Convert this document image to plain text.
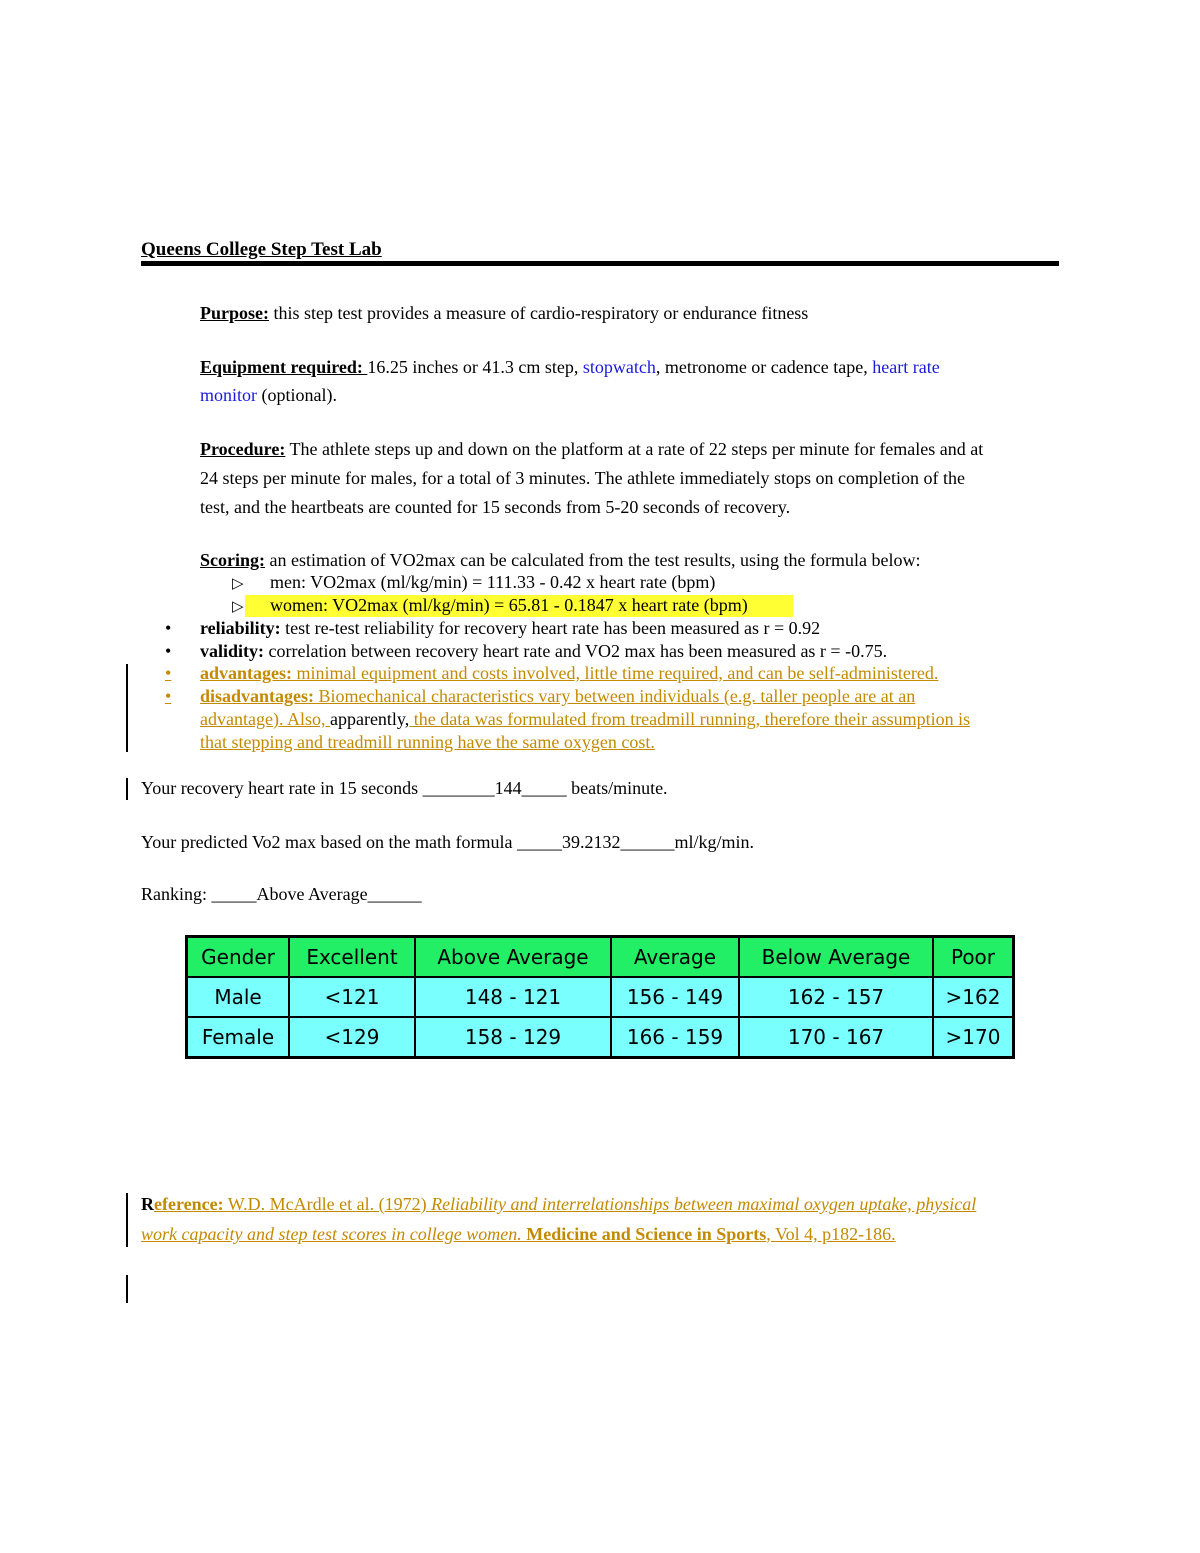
Queens College Step Test Lab
Purpose: this step test provides a measure of cardio-respiratory or endurance fitness
Equipment required: 16.25 inches or 41.3 cm step, stopwatch, metronome or cadence tape, heart rate
monitor (optional).
Procedure: The athlete steps up and down on the platform at a rate of 22 steps per minute for females and at
24 steps per minute for males, for a total of 3 minutes. The athlete immediately stops on completion of the
test, and the heartbeats are counted for 15 seconds from 5-20 seconds of recovery.
Scoring: an estimation of VO2max can be calculated from the test results, using the formula below:
▷ men: VO2max (ml/kg/min) = 111.33 - 0.42 x heart rate (bpm)
▷ women: VO2max (ml/kg/min) = 65.81 - 0.1847 x heart rate (bpm)
• reliability: test re-test reliability for recovery heart rate has been measured as r = 0.92
• validity: correlation between recovery heart rate and VO2 max has been measured as r = -0.75.
• advantages: minimal equipment and costs involved, little time required, and can be self-administered.
• disadvantages: Biomechanical characteristics vary between individuals (e.g. taller people are at an
advantage). Also, apparently, the data was formulated from treadmill running, therefore their assumption is
that stepping and treadmill running have the same oxygen cost.
Your recovery heart rate in 15 seconds ________144_____ beats/minute.
Your predicted Vo2 max based on the math formula _____39.2132______ml/kg/min.
Ranking: _____Above Average______
Gender	Excellent	Above Average	Average	Below Average	Poor
Male	<121	148 - 121	156 - 149	162 - 157	>162
Female	<129	158 - 129	166 - 159	170 - 167	>170
Reference: W.D. McArdle et al. (1972) Reliability and interrelationships between maximal oxygen uptake, physical
work capacity and step test scores in college women. Medicine and Science in Sports, Vol 4, p182-186.
